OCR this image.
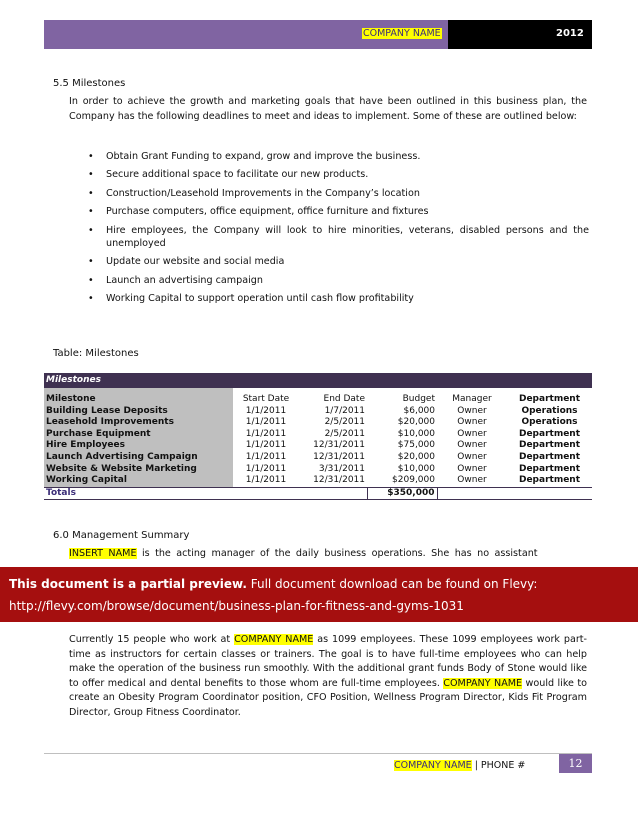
COMPANY NAME	2012
5.5 Milestones
In order to achieve the growth and marketing goals that have been outlined in this business plan, the Company has the following deadlines to meet and ideas to implement. Some of these are outlined below:
•	Obtain Grant Funding to expand, grow and improve the business.
•	Secure additional space to facilitate our new products.
•	Construction/Leasehold Improvements in the Company’s location
•	Purchase computers, office equipment, office furniture and fixtures
•	Hire employees, the Company will look to hire minorities, veterans, disabled persons and the unemployed
•	Update our website and social media
•	Launch an advertising campaign
•	Working Capital to support operation until cash flow profitability
Table: Milestones
Milestones					

Milestone	Start Date	End Date	Budget	Manager	Department
Building Lease Deposits	1/1/2011	1/7/2011	$6,000	Owner	Operations
Leasehold Improvements	1/1/2011	2/5/2011	$20,000	Owner	Operations
Purchase Equipment	1/1/2011	2/5/2011	$10,000	Owner	Department
Hire Employees	1/1/2011	12/31/2011	$75,000	Owner	Department
Launch Advertising Campaign	1/1/2011	12/31/2011	$20,000	Owner	Department
Website & Website Marketing	1/1/2011	3/31/2011	$10,000	Owner	Department
Working Capital	1/1/2011	12/31/2011	$209,000	Owner	Department
Totals			$350,000		
6.0 Management Summary
INSERT NAME is the acting manager of the daily business operations. She has no assistant
This document is a partial preview. Full document download can be found on Flevy:
http://flevy.com/browse/document/business-plan-for-fitness-and-gyms-1031
Currently 15 people who work at COMPANY NAME as 1099 employees. These 1099 employees work part-time as instructors for certain classes or trainers. The goal is to have full-time employees who can help make the operation of the business run smoothly. With the additional grant funds Body of Stone would like to offer medical and dental benefits to those whom are full-time employees. COMPANY NAME would like to create an Obesity Program Coordinator position, CFO Position, Wellness Program Director, Kids Fit Program Director, Group Fitness Coordinator.
COMPANY NAME | PHONE #	12
